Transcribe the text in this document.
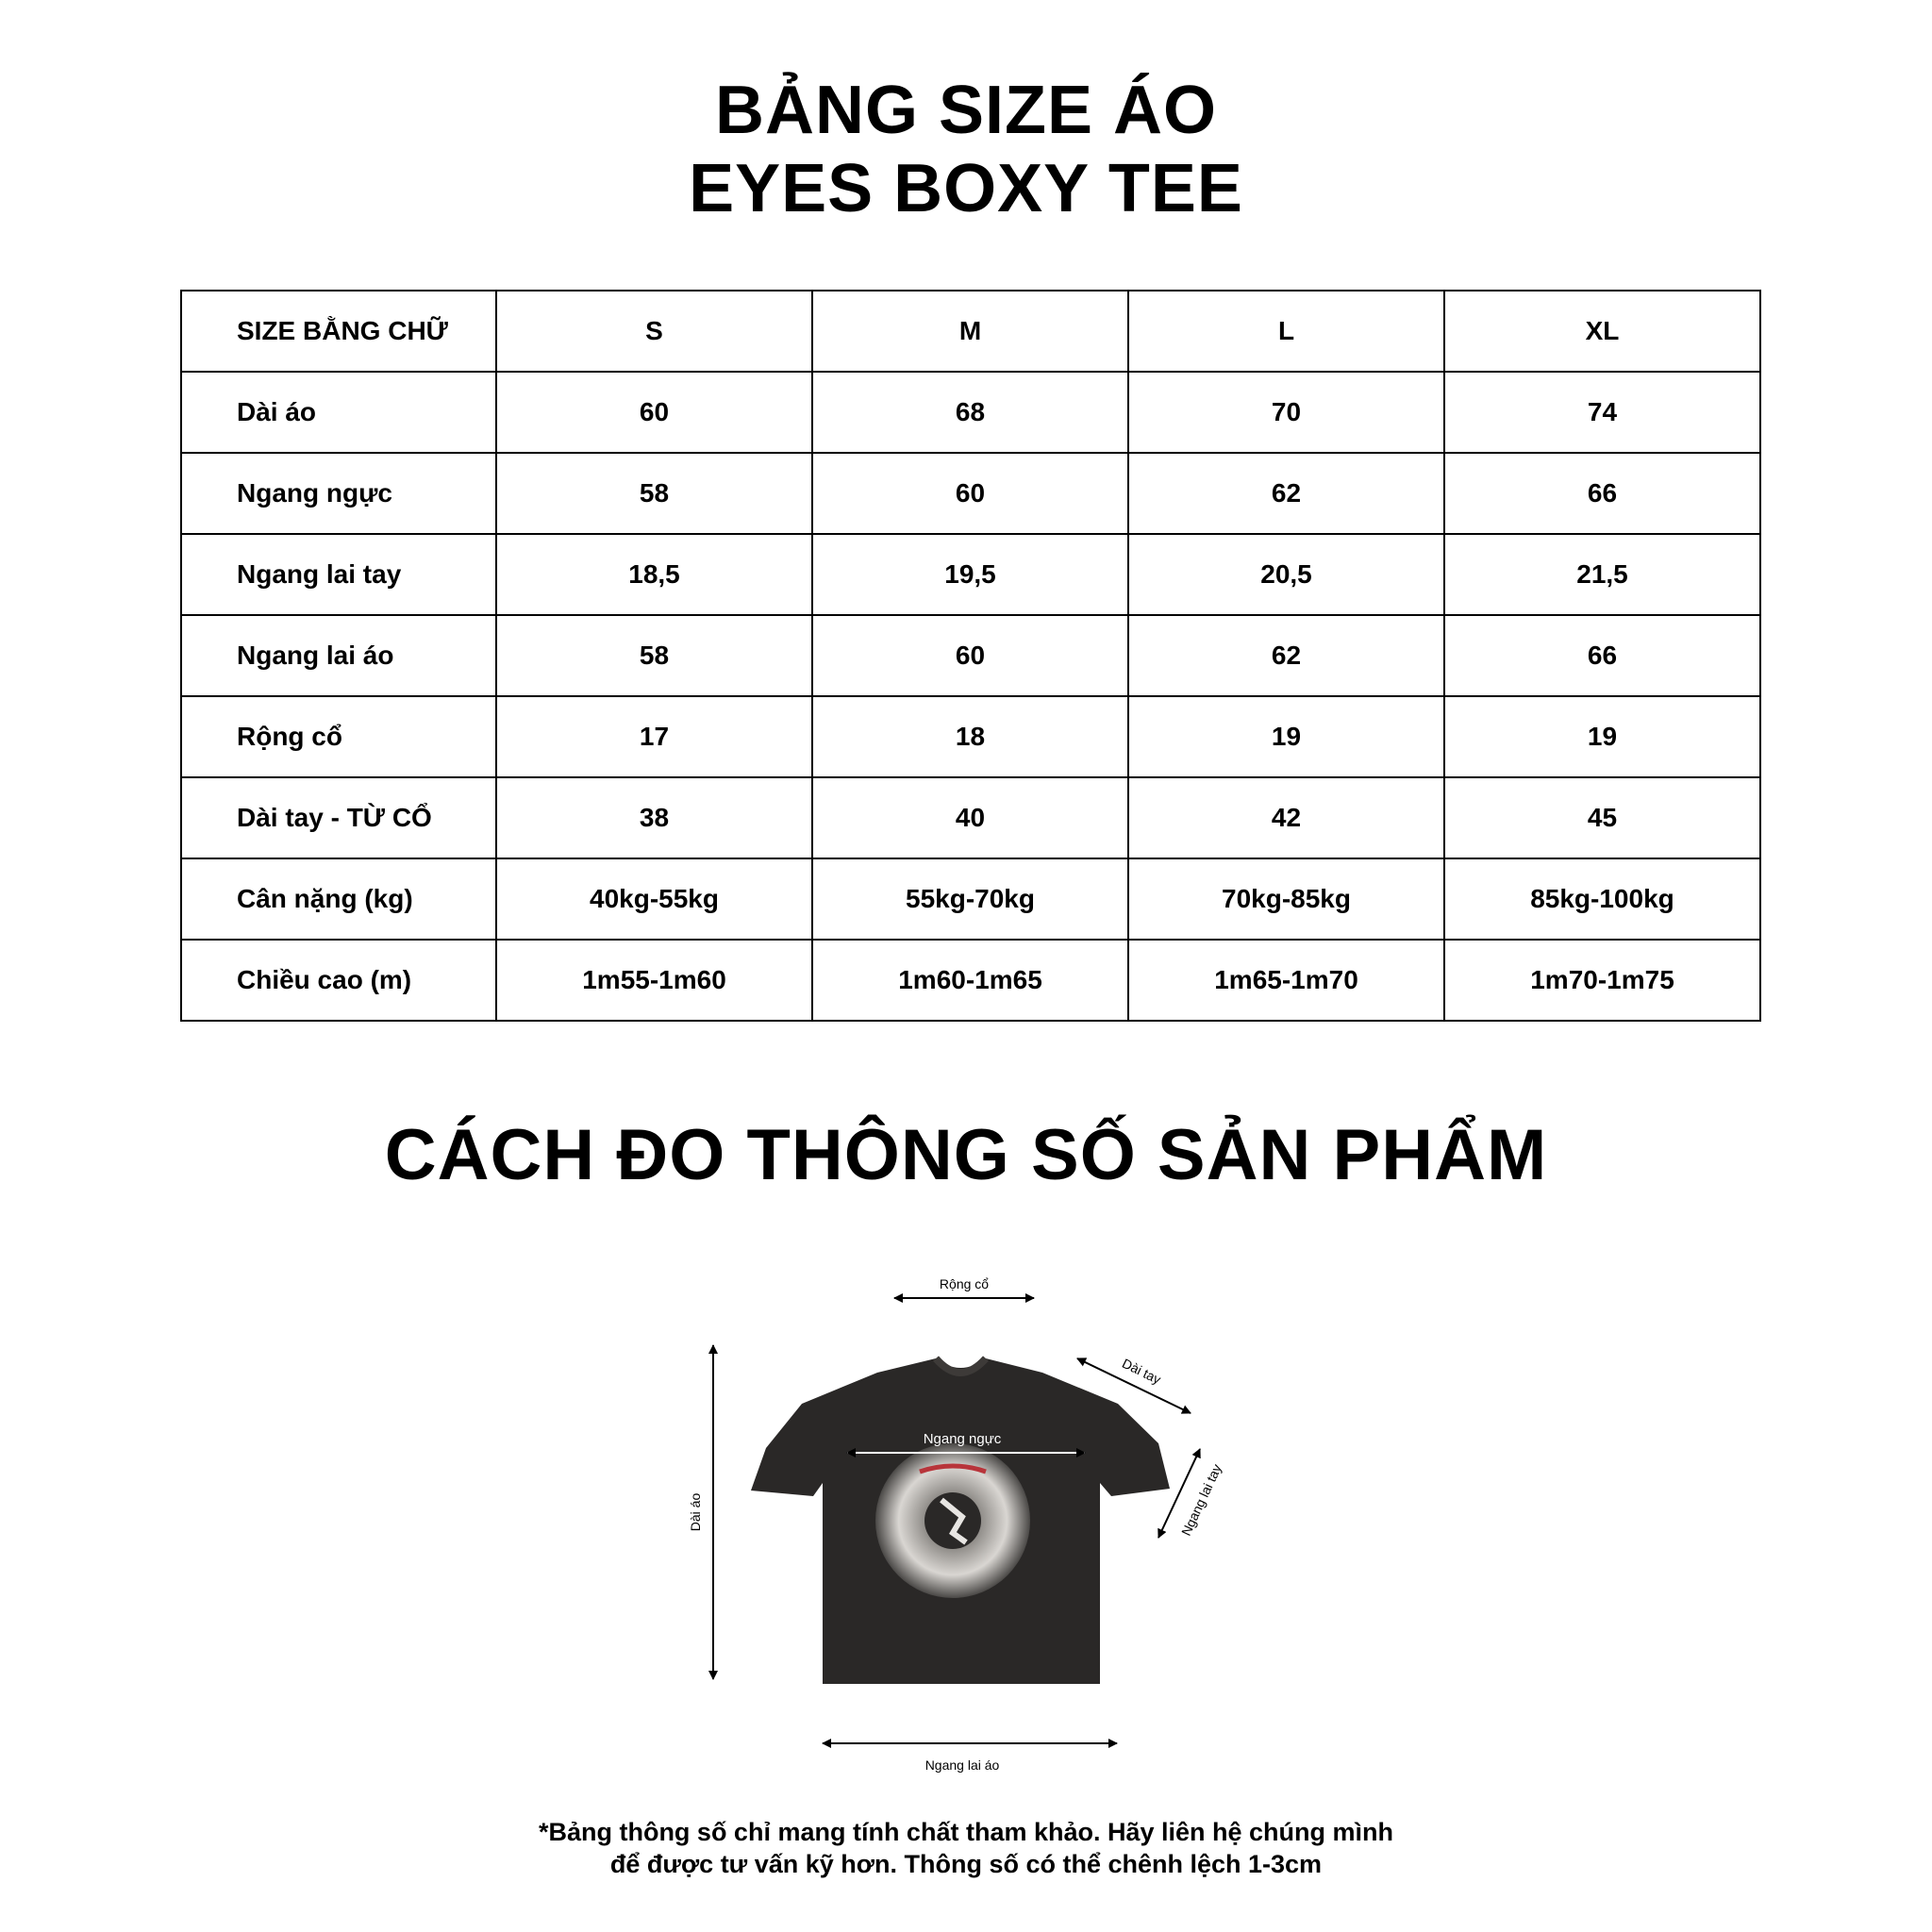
BẢNG SIZE ÁO
EYES BOXY TEE
SIZE BẰNG CHỮ	S	M	L	XL
Dài áo	60	68	70	74
Ngang ngực	58	60	62	66
Ngang lai tay	18,5	19,5	20,5	21,5
Ngang lai áo	58	60	62	66
Rộng cổ	17	18	19	19
Dài tay - TỪ CỔ	38	40	42	45
Cân nặng (kg)	40kg-55kg	55kg-70kg	70kg-85kg	85kg-100kg
Chiều cao (m)	1m55-1m60	1m60-1m65	1m65-1m70	1m70-1m75
CÁCH ĐO THÔNG SỐ SẢN PHẨM
Rộng cổ
Dài tay
Ngang ngực
Ngang lai tay
Dài áo
Ngang lai áo
*Bảng thông số chỉ mang tính chất tham khảo. Hãy liên hệ chúng mình
để được tư vấn kỹ hơn. Thông số có thể chênh lệch 1-3cm
